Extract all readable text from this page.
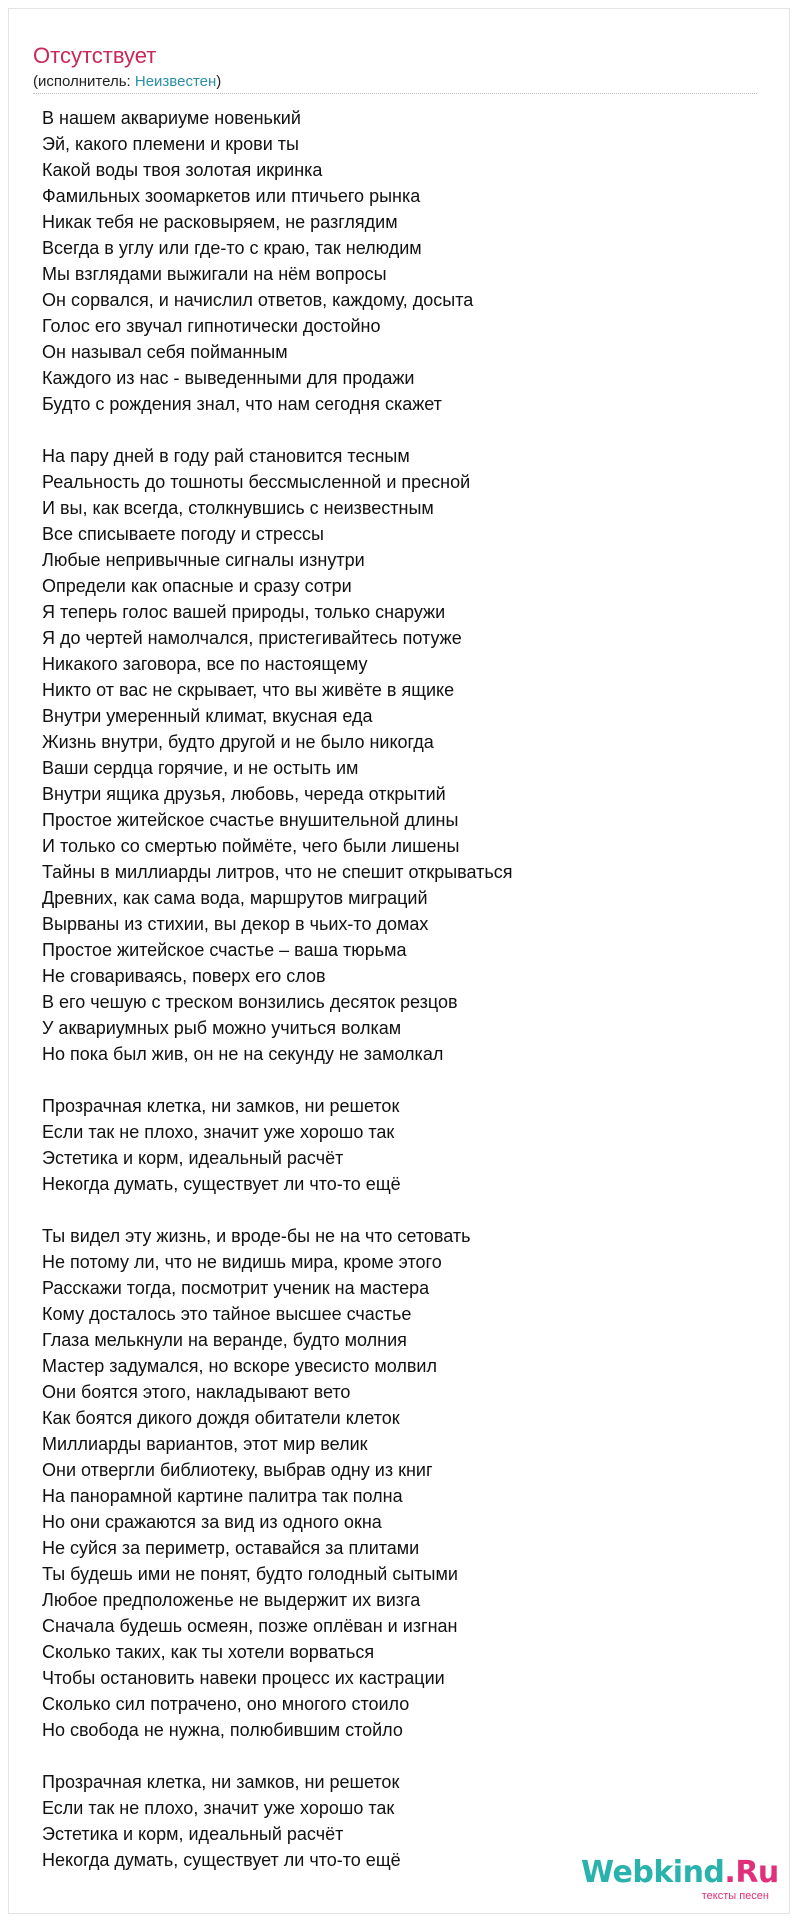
Отсутствует
(исполнитель: Неизвестен)
В нашем аквариуме новенький
Эй, какого племени и крови ты
Какой воды твоя золотая икринка
Фамильных зоомаркетов или птичьего рынка
Никак тебя не расковыряем, не разглядим
Всегда в углу или где-то с краю, так нелюдим
Мы взглядами выжигали на нём вопросы
Он сорвался, и начислил ответов, каждому, досыта
Голос его звучал гипнотически достойно
Он называл себя пойманным
Каждого из нас - выведенными для продажи
Будто с рождения знал, что нам сегодня скажет
На пару дней в году рай становится тесным
Реальность до тошноты бессмысленной и пресной
И вы, как всегда, столкнувшись с неизвестным
Все списываете погоду и стрессы
Любые непривычные сигналы изнутри
Определи как опасные и сразу сотри
Я теперь голос вашей природы, только снаружи
Я до чертей намолчался, пристегивайтесь потуже
Никакого заговора, все по настоящему
Никто от вас не скрывает, что вы живёте в ящике
Внутри умеренный климат, вкусная еда
Жизнь внутри, будто другой и не было никогда
Ваши сердца горячие, и не остыть им
Внутри ящика друзья, любовь, череда открытий
Простое житейское счастье внушительной длины
И только со смертью поймёте, чего были лишены
Тайны в миллиарды литров, что не спешит открываться
Древних, как сама вода, маршрутов миграций
Вырваны из стихии, вы декор в чьих-то домах
Простое житейское счастье – ваша тюрьма
Не сговариваясь, поверх его слов
В его чешую с треском вонзились десяток резцов
У аквариумных рыб можно учиться волкам
Но пока был жив, он не на секунду не замолкал
Прозрачная клетка, ни замков, ни решеток
Если так не плохо, значит уже хорошо так
Эстетика и корм, идеальный расчёт
Некогда думать, существует ли что-то ещё
Ты видел эту жизнь, и вроде-бы не на что сетовать
Не потому ли, что не видишь мира, кроме этого
Расскажи тогда, посмотрит ученик на мастера
Кому досталось это тайное высшее счастье
Глаза мелькнули на веранде, будто молния
Мастер задумался, но вскоре увесисто молвил
Они боятся этого, накладывают вето
Как боятся дикого дождя обитатели клеток
Миллиарды вариантов, этот мир велик
Они отвергли библиотеку, выбрав одну из книг
На панорамной картине палитра так полна
Но они сражаются за вид из одного окна
Не суйся за периметр, оставайся за плитами
Ты будешь ими не понят, будто голодный сытыми
Любое предположенье не выдержит их визга
Сначала будешь осмеян, позже оплёван и изгнан
Сколько таких, как ты хотели ворваться
Чтобы остановить навеки процесс их кастрации
Сколько сил потрачено, оно многого стоило
Но свобода не нужна, полюбившим стойло
Прозрачная клетка, ни замков, ни решеток
Если так не плохо, значит уже хорошо так
Эстетика и корм, идеальный расчёт
Некогда думать, существует ли что-то ещё	Webkind.Ru
тексты песен
